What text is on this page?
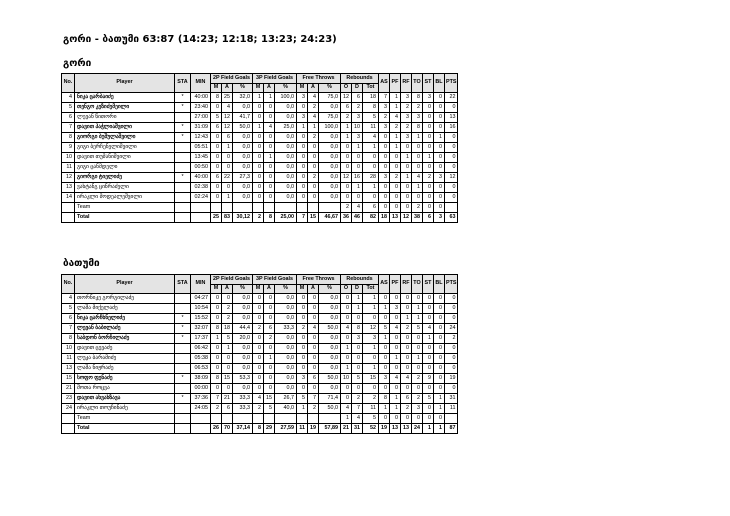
გორი - ბათუმი 63:87 (14:23; 12:18; 13:23; 24:23)
გორი
ბათუმი
No.	Player	STA	MIN	2P Field Goals			3P Field Goals			Free Throws			Rebounds			AS	PF	RF	TO	ST	BL	PTS
				M	A	%	M	A	%	M	A	%	O	D	Tot							
4	ნიკა ცარბაიძე	*	40:00	8	25	32,0	1	1	100,0	3	4	75,0	12	6	18	7	1	3	8	3	0	22
5	თენგო კეზიძემეილი	*	23:40	0	4	0,0	0	0	0,0	0	2	0,0	6	2	8	3	1	2	2	0	0	0
6	ლევან წითორი		27:00	5	12	41,7	0	0	0,0	3	4	75,0	2	3	5	2	4	3	3	0	0	13
7	დავით პაჭლიაშვილი	*	31:09	6	12	50,0	1	4	25,0	1	1	100,0	1	10	11	3	2	2	8	0	0	16
8	გიორგი ბუშულაშვილი	*	12:43	0	6	0,0	0	0	0,0	0	2	0,0	1	3	4	0	1	3	1	0	1	0
9	გიგი ბერჩენელიშვილი		05:51	0	1	0,0	0	0	0,0	0	0	0,0	0	1	1	0	1	0	0	0	0	0
10	დავით თუმანიშვილი		13:45	0	0	0,0	0	1	0,0	0	0	0,0	0	0	0	0	0	1	0	1	0	0
11	გიგი ცანმდელი		00:50	0	0	0,0	0	0	0,0	0	0	0,0	0	0	0	0	0	0	0	0	0	0
12	გიორგი ტიელიძე	*	40:00	6	22	27,3	0	0	0,0	0	2	0,0	12	16	28	3	2	1	4	2	3	12
13	ვახტანგ ცინრაძელი		02:38	0	0	0,0	0	0	0,0	0	0	0,0	0	1	1	0	0	0	1	0	0	0
14	ირაკლი მოდეალეშვილი		02:24	0	1	0,0	0	0	0,0	0	0	0,0	0	0	0	0	0	0	0	0	0	0
	Team												2	4	6	0	0	0	2	0	0	
	Total			25	83	30,12	2	8	25,00	7	15	46,67	36	46	82	18	13	12	38	6	3	63
No.	Player	STA	MIN	2P Field Goals			3P Field Goals			Free Throws			Rebounds			AS	PF	RF	TO	ST	BL	PTS
				M	A	%	M	A	%	M	A	%	O	D	Tot							
4	თორნიკე გორგილაძე		04:27	0	0	0,0	0	0	0,0	0	0	0,0	0	1	1	0	0	0	0	0	0	0
5	ლაშა მიქელაძე		10:54	0	2	0,0	0	0	0,0	0	0	0,0	0	1	1	1	3	0	1	0	0	0
6	ნიკა ცარჩხნელიძე	*	15:52	0	2	0,0	0	0	0,0	0	0	0,0	0	0	0	0	0	1	1	0	0	0
7	ლევან ბაბილაძე	*	32:07	8	18	44,4	2	6	33,3	2	4	50,0	4	8	12	5	4	2	5	4	0	24
8	საბდონ ბორჩილაძე	*	17:37	1	5	20,0	0	2	0,0	0	0	0,0	0	3	3	1	0	0	0	1	0	2
10	დავით ცევაძე		06:42	0	1	0,0	0	0	0,0	0	0	0,0	1	0	1	0	0	0	0	0	0	0
11	ლუკა ბარამიძე		05:38	0	0	0,0	0	1	0,0	0	0	0,0	0	0	0	0	1	0	1	0	0	0
13	ლაშა ნიჟრაძე		06:53	0	0	0,0	0	0	0,0	0	0	0,0	1	0	1	0	0	0	0	0	0	0
15	სოფო ფენაძე	*	38:09	8	15	53,3	0	0	0,0	3	6	50,0	10	5	15	3	4	4	2	9	0	19
21	შოთა როცვა		00:00	0	0	0,0	0	0	0,0	0	0	0,0	0	0	0	0	0	0	0	0	0	0
23	დავით ახვახზავა	*	37:36	7	21	33,3	4	15	26,7	5	7	71,4	0	2	2	8	1	6	2	5	1	31
24	ირაკლი თოუჩინაძე		24:05	2	6	33,3	2	5	40,0	1	2	50,0	4	7	11	1	1	2	3	0	1	11
	Team												1	4	5	0	0	0	0	0	0	
	Total			26	70	37,14	8	29	27,59	11	19	57,89	21	31	52	19	13	13	24	1	1	87
